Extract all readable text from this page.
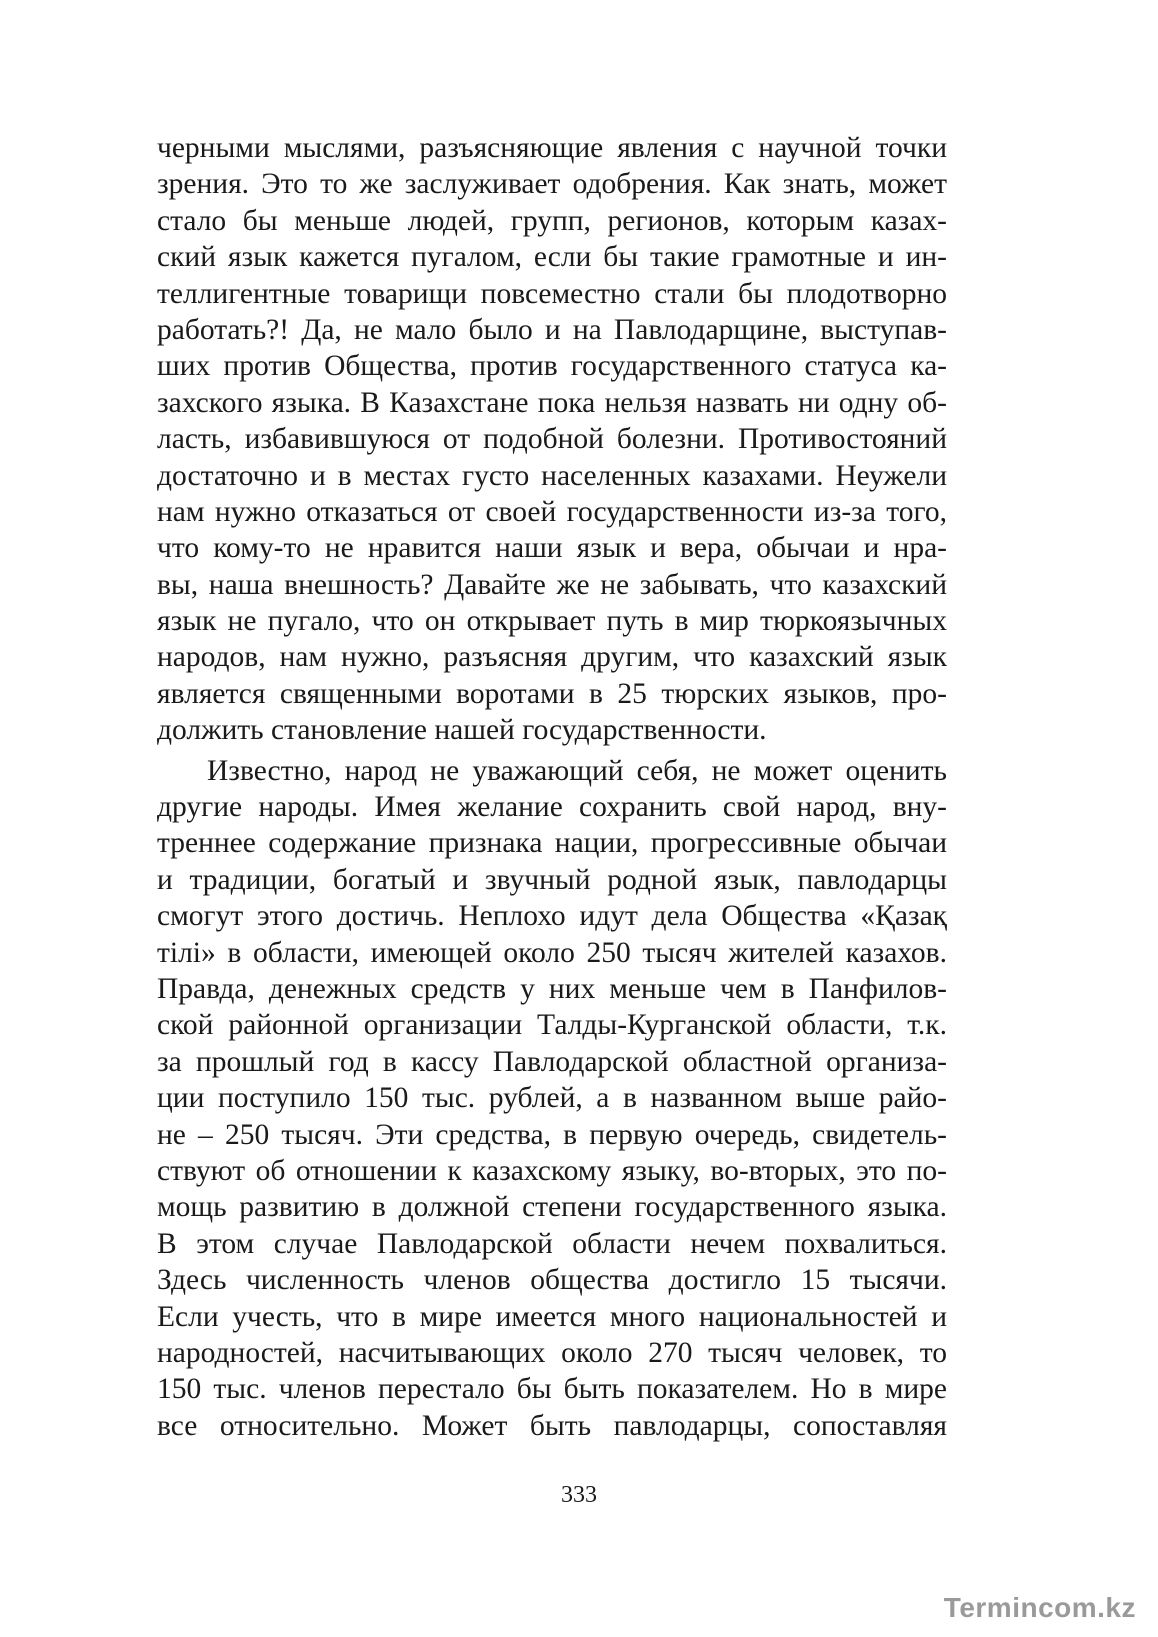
черными мыслями, разъясняющие явления с научной точки
зрения. Это то же заслуживает одобрения. Как знать, может
стало бы меньше людей, групп, регионов, которым казах-
ский язык кажется пугалом, если бы такие грамотные и ин-
теллигентные товарищи повсеместно стали бы плодотворно
работать?! Да, не мало было и на Павлодарщине, выступав-
ших против Общества, против государственного статуса ка-
захского языка. В Казахстане пока нельзя назвать ни одну об-
ласть, избавившуюся от подобной болезни. Противостояний
достаточно и в местах густо населенных казахами. Неужели
нам нужно отказаться от своей государственности из-за того,
что кому-то не нравится наши язык и вера, обычаи и нра-
вы, наша внешность? Давайте же не забывать, что казахский
язык не пугало, что он открывает путь в мир тюркоязычных
народов, нам нужно, разъясняя другим, что казахский язык
является священными воротами в 25 тюрских языков, про-
должить становление нашей государственности.
Известно, народ не уважающий себя, не может оценить
другие народы. Имея желание сохранить свой народ, вну-
треннее содержание признака нации, прогрессивные обычаи
и традиции, богатый и звучный родной язык, павлодарцы
смогут этого достичь. Неплохо идут дела Общества «Қазақ
тілі» в области, имеющей около 250 тысяч жителей казахов.
Правда, денежных средств у них меньше чем в Панфилов-
ской районной организации Талды-Курганской области, т.к.
за прошлый год в кассу Павлодарской областной организа-
ции поступило 150 тыс. рублей, а в названном выше райо-
не – 250 тысяч. Эти средства, в первую очередь, свидетель-
ствуют об отношении к казахскому языку, во-вторых, это по-
мощь развитию в должной степени государственного языка.
В этом случае Павлодарской области нечем похвалиться.
Здесь численность членов общества достигло 15 тысячи.
Если учесть, что в мире имеется много национальностей и
народностей, насчитывающих около 270 тысяч человек, то
150 тыс. членов перестало бы быть показателем. Но в мире
все относительно. Может быть павлодарцы, сопоставляя
333
Termincom.kz
